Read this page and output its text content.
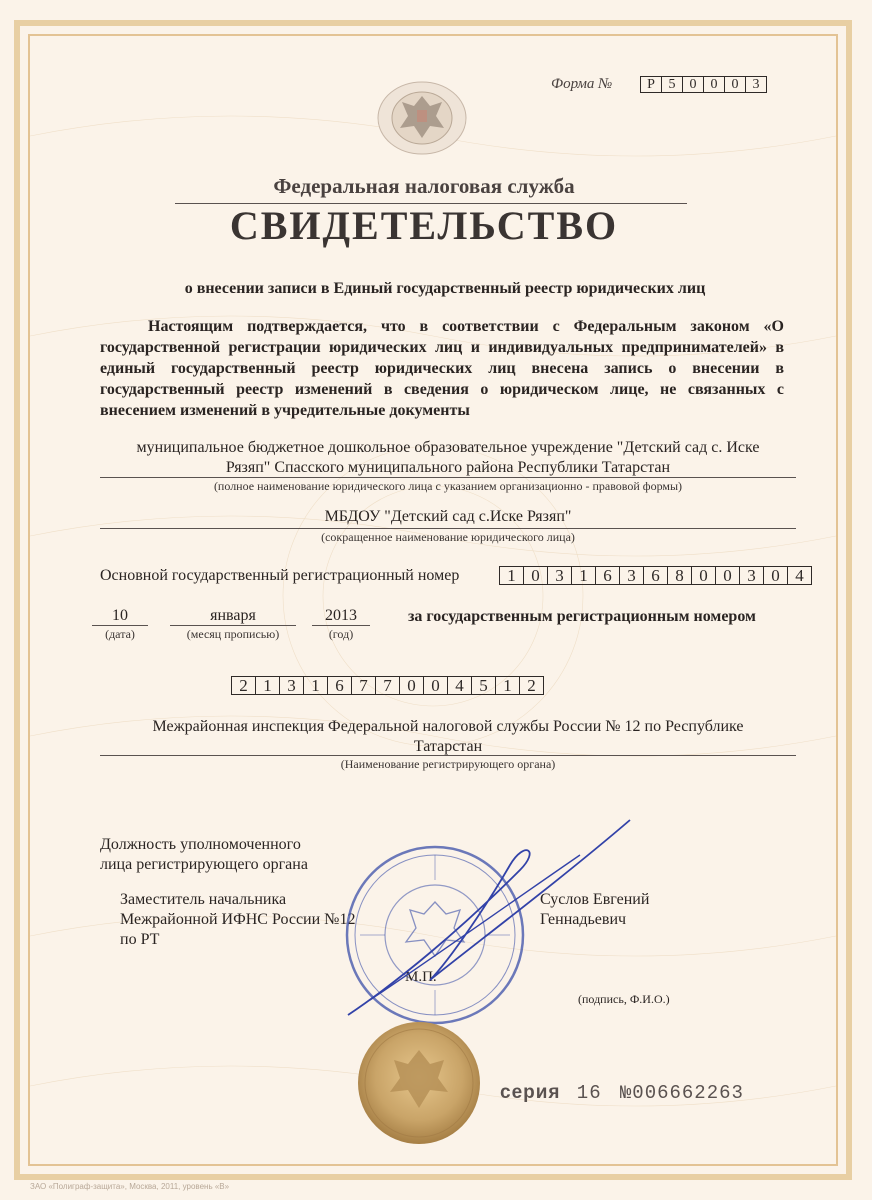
Форма №	Р 5	0	0	0	3
Федеральная налоговая служба
СВИДЕТЕЛЬСТВО
о внесении записи в Единый государственный реестр юридических лиц
Настоящим подтверждается, что в соответствии с Федеральным законом «О государственной регистрации юридических лиц и индивидуальных предпринимателей» в единый государственный реестр юридических лиц внесена запись о внесении в государственный реестр изменений в сведения о юридическом лице, не связанных с внесением изменений в учредительные документы
муниципальное бюджетное дошкольное образовательное учреждение "Детский сад с. Иске
Рязяп" Спасского муниципального района Республики Татарстан
(полное наименование юридического лица с указанием организационно - правовой формы)
МБДОУ "Детский сад с.Иске Рязяп"
(сокращенное наименование юридического лица)
Основной государственный регистрационный номер	1 0 3 1 6 3 6 8 0 0 3 0 4
10
(дата)
января
(месяц прописью)
2013
(год)
за государственным регистрационным номером
2 1 3 1 6 7 7 0 0 4 5 1 2
Межрайонная инспекция Федеральной налоговой службы России № 12 по Республике
Татарстан
(Наименование регистрирующего органа)
Должность уполномоченного
лица регистрирующего органа
Заместитель начальника
Межрайонной ИФНС России №12
по РТ
Суслов Евгений
Геннадьевич
М.П.
(подпись, Ф.И.О.)
серия 16 №006662263
ЗАО «Полиграф-защита», Москва, 2011, уровень «В»
